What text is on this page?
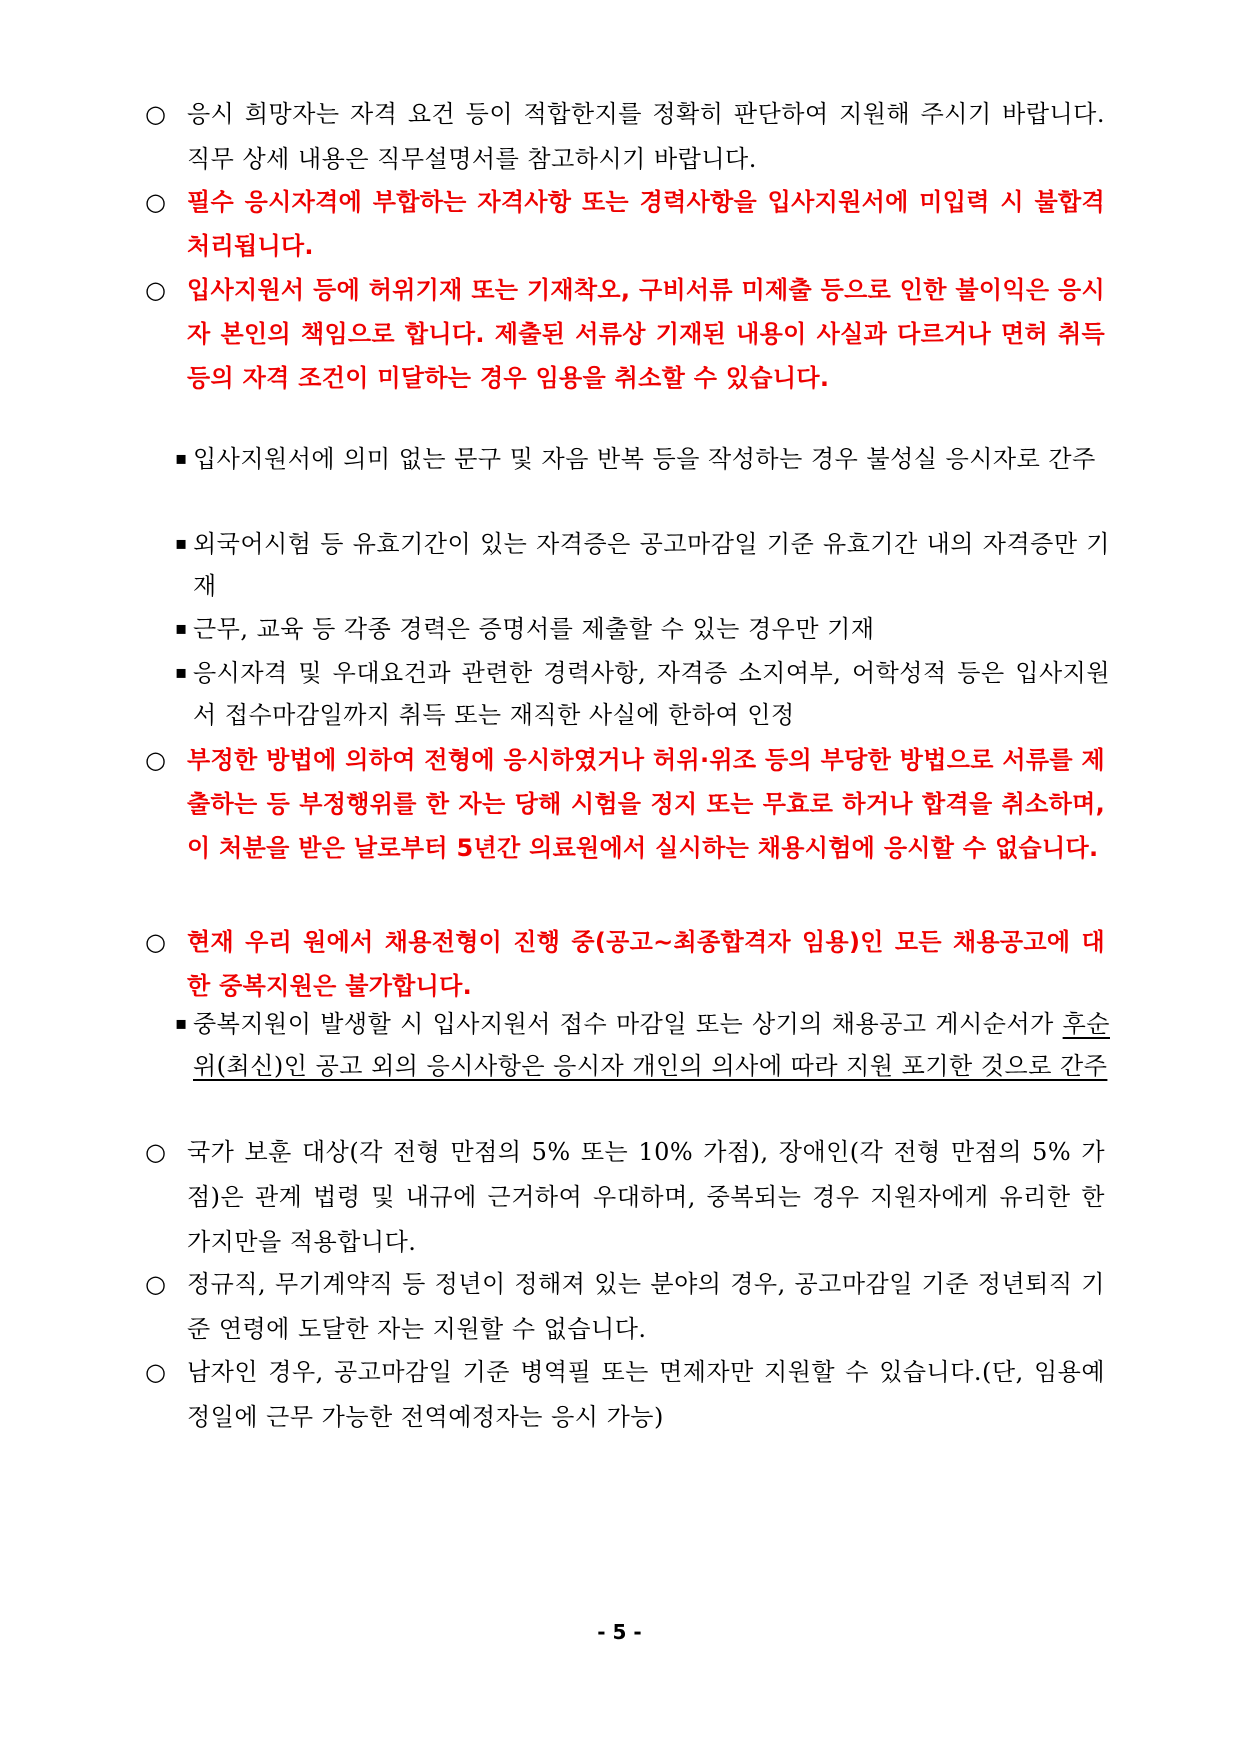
○ 응시 희망자는 자격 요건 등이 적합한지를 정확히 판단하여 지원해 주시기 바랍니다. 직무 상세 내용은 직무설명서를 참고하시기 바랍니다.
○ 필수 응시자격에 부합하는 자격사항 또는 경력사항을 입사지원서에 미입력 시 불합격 처리됩니다.
○ 입사지원서 등에 허위기재 또는 기재착오, 구비서류 미제출 등으로 인한 불이익은 응시자 본인의 책임으로 합니다. 제출된 서류상 기재된 내용이 사실과 다르거나 면허 취득 등의 자격 조건이 미달하는 경우 임용을 취소할 수 있습니다.
▪ 입사지원서에 의미 없는 문구 및 자음 반복 등을 작성하는 경우 불성실 응시자로 간주
▪ 외국어시험 등 유효기간이 있는 자격증은 공고마감일 기준 유효기간 내의 자격증만 기재
▪ 근무, 교육 등 각종 경력은 증명서를 제출할 수 있는 경우만 기재
▪ 응시자격 및 우대요건과 관련한 경력사항, 자격증 소지여부, 어학성적 등은 입사지원서 접수마감일까지 취득 또는 재직한 사실에 한하여 인정
○ 부정한 방법에 의하여 전형에 응시하였거나 허위·위조 등의 부당한 방법으로 서류를 제출하는 등 부정행위를 한 자는 당해 시험을 정지 또는 무효로 하거나 합격을 취소하며, 이 처분을 받은 날로부터 5년간 의료원에서 실시하는 채용시험에 응시할 수 없습니다.
○ 현재 우리 원에서 채용전형이 진행 중(공고∼최종합격자 임용)인 모든 채용공고에 대한 중복지원은 불가합니다.
▪ 중복지원이 발생할 시 입사지원서 접수 마감일 또는 상기의 채용공고 게시순서가 후순위(최신)인 공고 외의 응시사항은 응시자 개인의 의사에 따라 지원 포기한 것으로 간주
○ 국가 보훈 대상(각 전형 만점의 5% 또는 10% 가점), 장애인(각 전형 만점의 5% 가점)은 관계 법령 및 내규에 근거하여 우대하며, 중복되는 경우 지원자에게 유리한 한 가지만을 적용합니다.
○ 정규직, 무기계약직 등 정년이 정해져 있는 분야의 경우, 공고마감일 기준 정년퇴직 기준 연령에 도달한 자는 지원할 수 없습니다.
○ 남자인 경우, 공고마감일 기준 병역필 또는 면제자만 지원할 수 있습니다.(단, 임용예정일에 근무 가능한 전역예정자는 응시 가능)
- 5 -
